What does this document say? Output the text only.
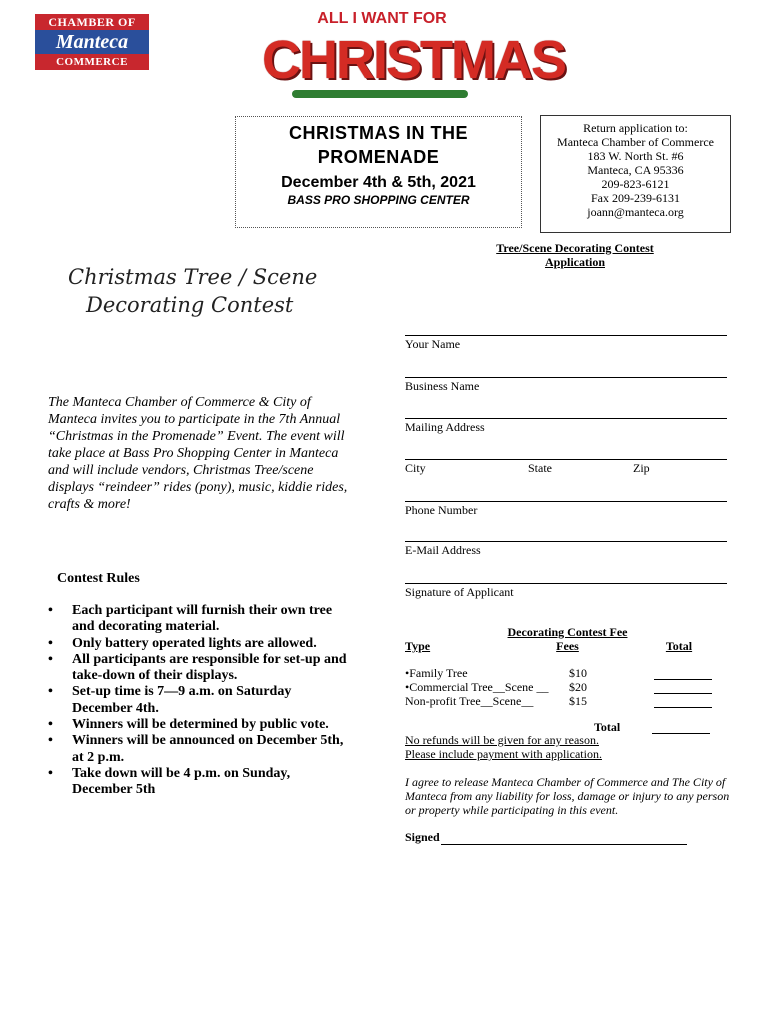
CHAMBER OF
Manteca
COMMERCE
ALL I WANT FOR
CHRISTMAS
CHRISTMAS IN THE
PROMENADE
December 4th & 5th, 2021
BASS PRO SHOPPING CENTER
Return application to:
Manteca Chamber of Commerce
183 W. North St. #6
Manteca, CA 95336
209-823-6121
Fax 209-239-6131
joann@manteca.org
Tree/Scene Decorating Contest
Application
Christmas Tree / Scene
Decorating Contest
The Manteca Chamber of Commerce & City of Manteca invites you to participate in the 7th Annual “Christmas in the Promenade” Event. The event will take place at Bass Pro Shopping Center in Manteca and will include vendors, Christmas Tree/scene displays “reindeer” rides (pony), music, kiddie rides, crafts & more!
Your Name
Business Name
Mailing Address
City	State	Zip
Phone Number
E-Mail Address
Signature of Applicant
Contest Rules
• Each participant will furnish their own tree and decorating material.
• Only battery operated lights are allowed.
• All participants are responsible for set-up and take-down of their displays.
• Set-up time is 7—9 a.m. on Saturday December 4th.
• Winners will be determined by public vote.
• Winners will be announced on December 5th, at 2 p.m.
• Take down will be 4 p.m. on Sunday, December 5th
Type
Decorating Contest Fee
Fees	Total
•Family Tree	$10
•Commercial Tree__Scene __ $20
Non-profit Tree__Scene__	$15
Total
No refunds will be given for any reason.
Please include payment with application.
I agree to release Manteca Chamber of Commerce and The City of Manteca from any liability for loss, damage or injury to any person or property while participating in this event.
Signed
